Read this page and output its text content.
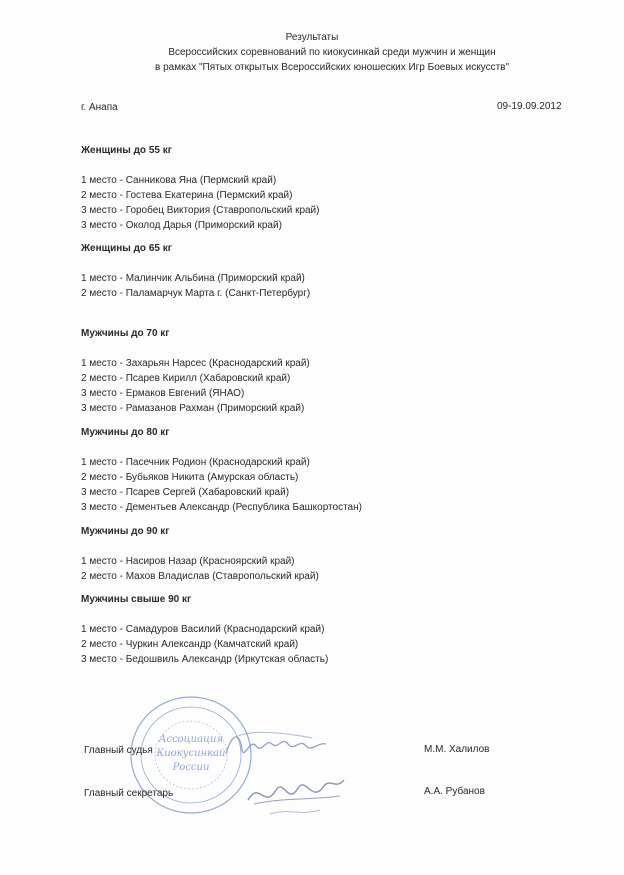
Результаты
Всероссийских соревнований по киокусинкай среди мужчин и женщин
в рамках "Пятых открытых Всероссийских юношеских Игр Боевых искусств"
г. Анапа	09-19.09.2012
Женщины до 55 кг
1 место - Санникова Яна (Пермский край)
2 место - Гостева Екатерина (Пермский край)
3 место - Горобец Виктория (Ставропольский край)
3 место - Околод Дарья (Приморский край)
Женщины до 65 кг
1 место - Малинчик Альбина (Приморский край)
2 место - Паламарчук Марта г. (Санкт-Петербург)
Мужчины до 70 кг
1 место - Захарьян Нарсес (Краснодарский край)
2 место - Псарев Кирилл (Хабаровский край)
3 место - Ермаков Евгений (ЯНАО)
3 место - Рамазанов Рахман (Приморский край)
Мужчины до 80 кг
1 место - Пасечник Родион (Краснодарский край)
2 место - Бубьяков Никита (Амурская область)
3 место - Псарев Сергей (Хабаровский край)
3 место - Дементьев Александр (Республика Башкортостан)
Мужчины до 90 кг
1 место - Насиров Назар (Красноярский край)
2 место - Махов Владислав (Ставропольский край)
Мужчины свыше 90 кг
1 место - Самадуров Василий (Краснодарский край)
2 место - Чуркин Александр (Камчатский край)
3 место - Бедошвиль Александр (Иркутская область)
Ассоциация
Киокусинкай
России
Главный судья	М.М. Халилов
Главный секретарь	А.А. Рубанов
